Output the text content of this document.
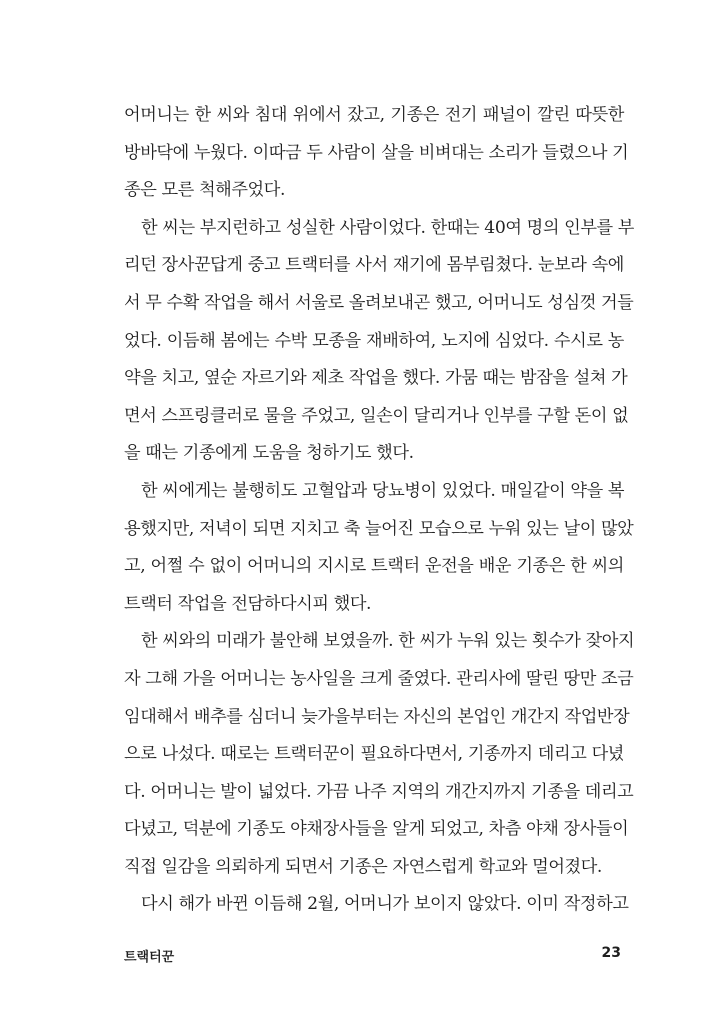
어머니는 한 씨와 침대 위에서 잤고, 기종은 전기 패널이 깔린 따뜻한
방바닥에 누웠다. 이따금 두 사람이 살을 비벼대는 소리가 들렸으나 기
종은 모른 척해주었다.
한 씨는 부지런하고 성실한 사람이었다. 한때는 40여 명의 인부를 부
리던 장사꾼답게 중고 트랙터를 사서 재기에 몸부림쳤다. 눈보라 속에
서 무 수확 작업을 해서 서울로 올려보내곤 했고, 어머니도 성심껏 거들
었다. 이듬해 봄에는 수박 모종을 재배하여, 노지에 심었다. 수시로 농
약을 치고, 옆순 자르기와 제초 작업을 했다. 가뭄 때는 밤잠을 설쳐 가
면서 스프링클러로 물을 주었고, 일손이 달리거나 인부를 구할 돈이 없
을 때는 기종에게 도움을 청하기도 했다.
한 씨에게는 불행히도 고혈압과 당뇨병이 있었다. 매일같이 약을 복
용했지만, 저녁이 되면 지치고 축 늘어진 모습으로 누워 있는 날이 많았
고, 어쩔 수 없이 어머니의 지시로 트랙터 운전을 배운 기종은 한 씨의
트랙터 작업을 전담하다시피 했다.
한 씨와의 미래가 불안해 보였을까. 한 씨가 누워 있는 횟수가 잦아지
자 그해 가을 어머니는 농사일을 크게 줄였다. 관리사에 딸린 땅만 조금
임대해서 배추를 심더니 늦가을부터는 자신의 본업인 개간지 작업반장
으로 나섰다. 때로는 트랙터꾼이 필요하다면서, 기종까지 데리고 다녔
다. 어머니는 발이 넓었다. 가끔 나주 지역의 개간지까지 기종을 데리고
다녔고, 덕분에 기종도 야채장사들을 알게 되었고, 차츰 야채 장사들이
직접 일감을 의뢰하게 되면서 기종은 자연스럽게 학교와 멀어졌다.
다시 해가 바뀐 이듬해 2월, 어머니가 보이지 않았다. 이미 작정하고
트랙터꾼	23
